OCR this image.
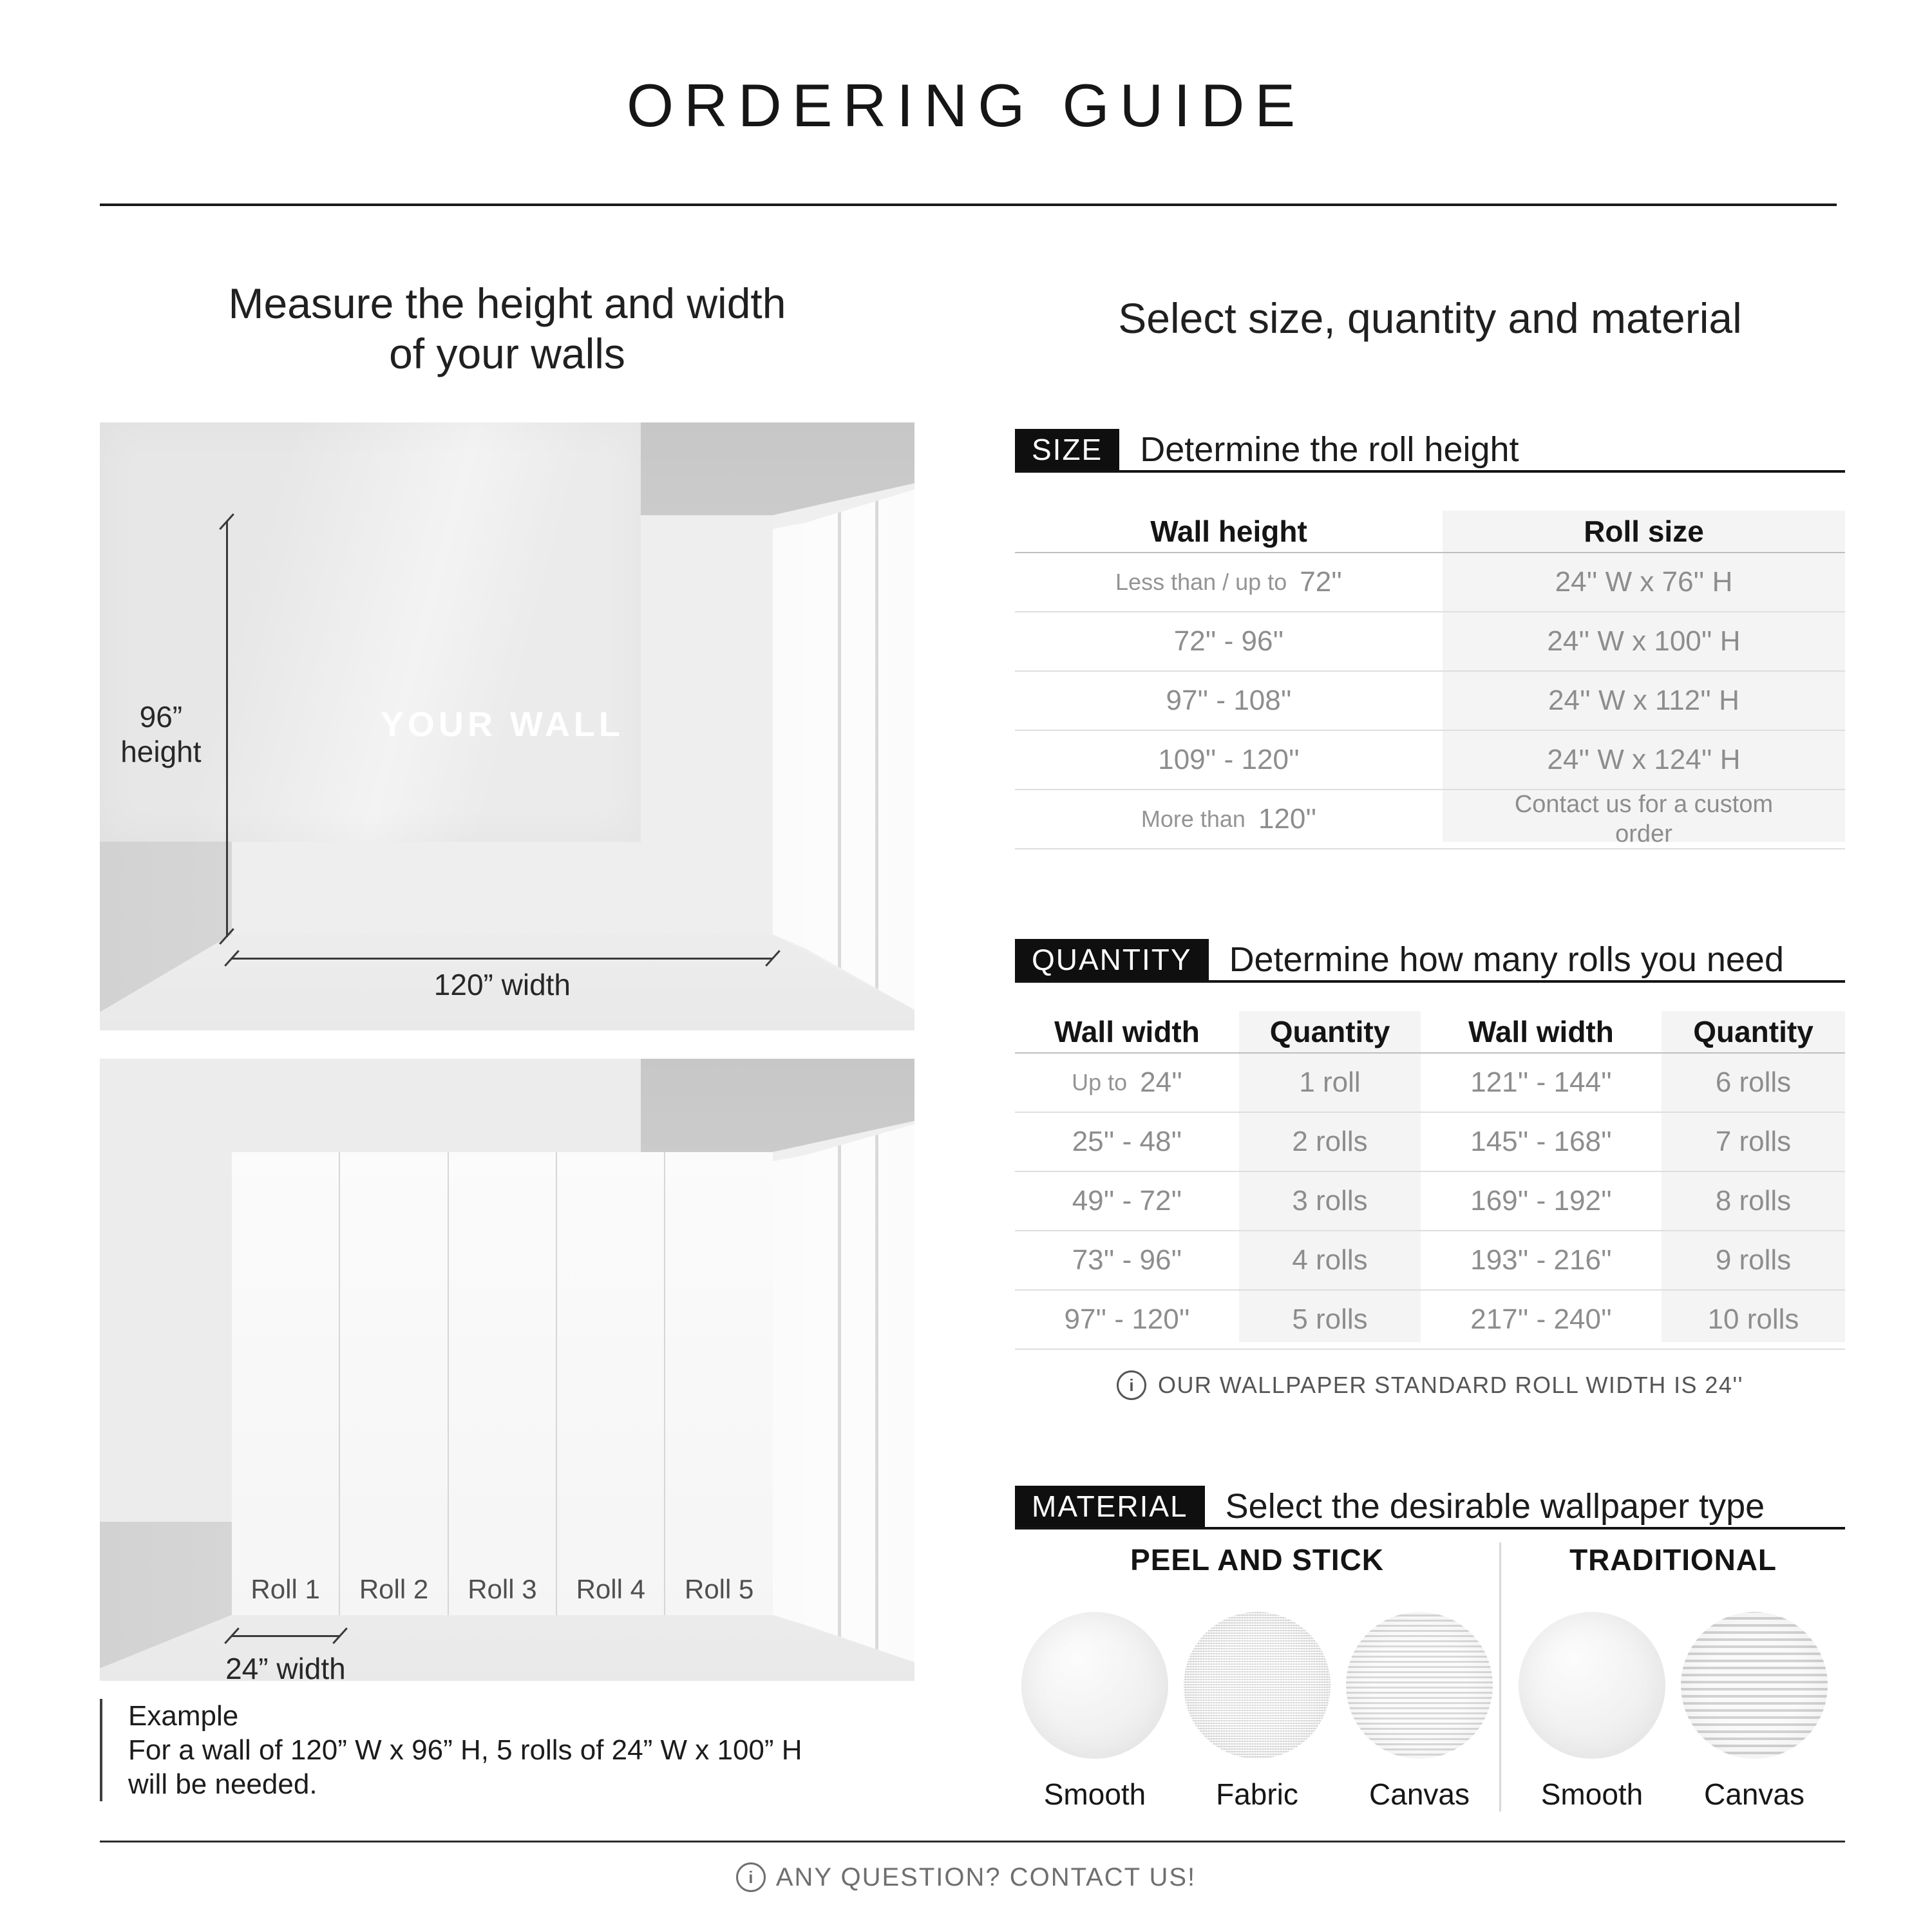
ORDERING GUIDE
Measure the height and width
of your walls
YOUR WALL
96”
height
120” width
Roll 1	Roll 2	Roll 3	Roll 4	Roll 5
24” width
Example
For a wall of 120” W x 96” H, 5 rolls of 24” W x 100” H
will be needed.
Select size, quantity and material
SIZE	Determine the roll height
Wall height	Roll size
Less than / up to 72''	24'' W x 76'' H
72'' - 96''	24'' W x 100'' H
97'' - 108''	24'' W x 112'' H
109'' - 120''	24'' W x 124'' H
More than 120''	Contact us for a custom order
QUANTITY	Determine how many rolls you need
Wall width	Quantity	Wall width	Quantity
Up to 24''	1 roll	121'' - 144''	6 rolls
25'' - 48''	2 rolls	145'' - 168''	7 rolls
49'' - 72''	3 rolls	169'' - 192''	8 rolls
73'' - 96''	4 rolls	193'' - 216''	9 rolls
97'' - 120''	5 rolls	217'' - 240''	10 rolls
i	OUR WALLPAPER STANDARD ROLL WIDTH IS 24''
MATERIAL	Select the desirable wallpaper type
PEEL AND STICK
Smooth Fabric Canvas
TRADITIONAL
Smooth Canvas
i ANY QUESTION? CONTACT US!
